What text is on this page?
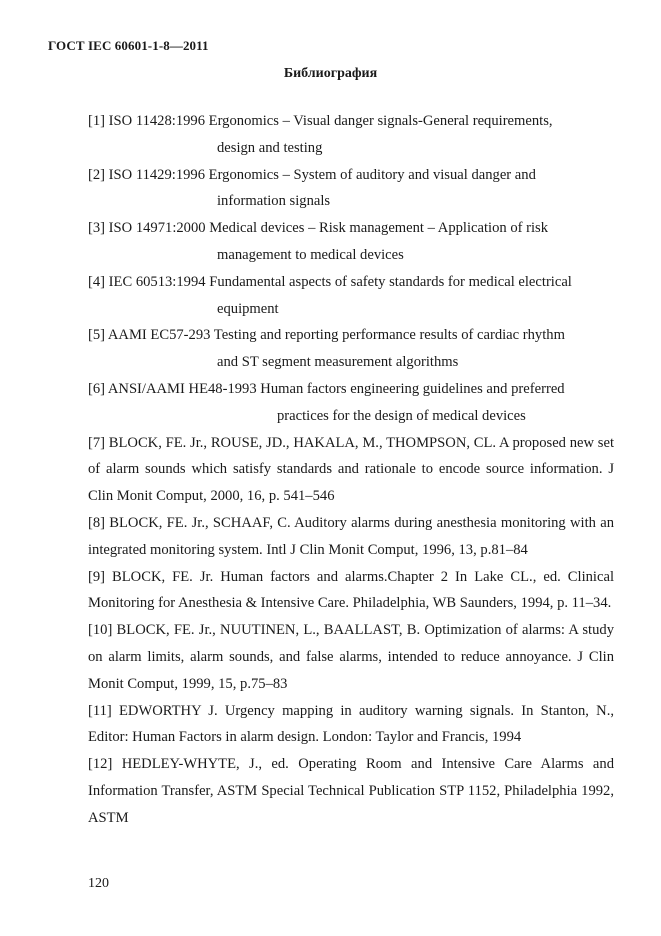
ГОСТ IEC 60601-1-8—2011
Библиография
[1] ISO 11428:1996 Ergonomics – Visual danger signals-General requirements,
design and testing
[2] ISO 11429:1996 Ergonomics – System of auditory and visual danger and
information signals
[3] ISO 14971:2000 Medical devices – Risk management – Application of risk
management to medical devices
[4] IEC 60513:1994 Fundamental aspects of safety standards for medical electrical
equipment
[5] AAMI EC57-293 Testing and reporting performance results of cardiac rhythm
and ST segment measurement algorithms
[6] ANSI/AAMI HE48-1993 Human factors engineering guidelines and preferred
practices for the design of medical devices
[7] BLOCK, FE. Jr., ROUSE, JD., HAKALA, M., THOMPSON, CL. A proposed new set of alarm sounds which satisfy standards and rationale to encode source information. J Clin Monit Comput, 2000, 16, p. 541–546
[8] BLOCK, FE. Jr., SCHAAF, C. Auditory alarms during anesthesia monitoring with an integrated monitoring system. Intl J Clin Monit Comput, 1996, 13, p.81–84
[9] BLOCK, FE. Jr. Human factors and alarms.Chapter 2 In Lake CL., ed. Clinical Monitoring for Anesthesia & Intensive Care. Philadelphia, WB Saunders, 1994, p. 11–34.
[10] BLOCK, FE. Jr., NUUTINEN, L., BAALLAST, B. Optimization of alarms: A study on alarm limits, alarm sounds, and false alarms, intended to reduce annoyance. J Clin Monit Comput, 1999, 15, p.75–83
[11] EDWORTHY J. Urgency mapping in auditory warning signals. In Stanton, N., Editor: Human Factors in alarm design. London: Taylor and Francis, 1994
[12] HEDLEY-WHYTE, J., ed. Operating Room and Intensive Care Alarms and Information Transfer, ASTM Special Technical Publication STP 1152, Philadelphia 1992, ASTM
120
